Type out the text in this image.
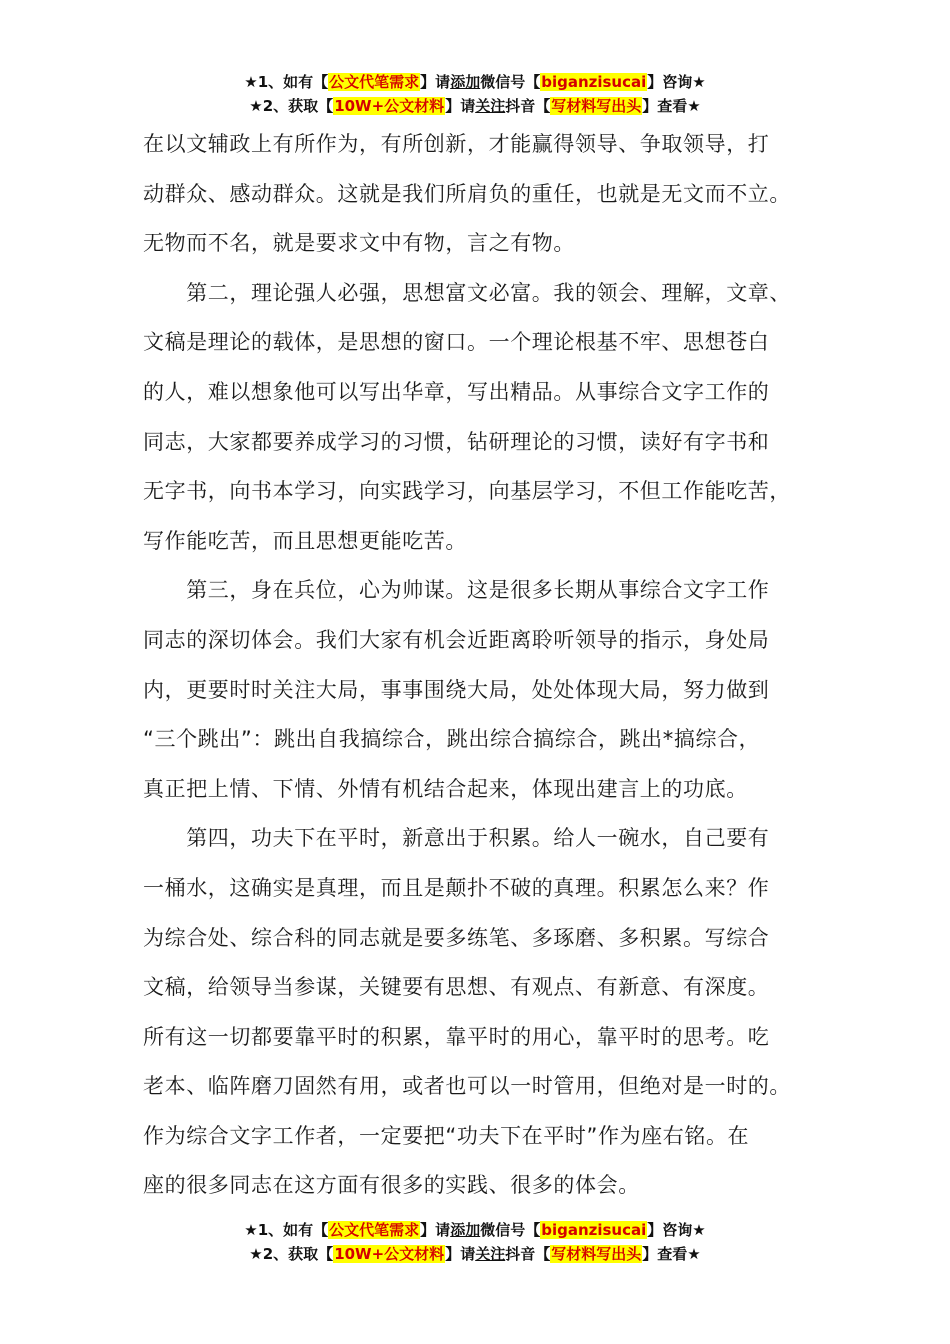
★1、如有【公文代笔需求】请添加微信号【biganzisucai】咨询★
★2、获取【10W+公文材料】请关注抖音【写材料写出头】查看★

在以文辅政上有所作为，有所创新，才能赢得领导、争取领导，打

动群众、感动群众。这就是我们所肩负的重任，也就是无文而不立。

无物而不名，就是要求文中有物，言之有物。

　　第二，理论强人必强，思想富文必富。我的领会、理解，文章、

文稿是理论的载体，是思想的窗口。一个理论根基不牢、思想苍白

的人，难以想象他可以写出华章，写出精品。从事综合文字工作的

同志，大家都要养成学习的习惯，钻研理论的习惯，读好有字书和

无字书，向书本学习，向实践学习，向基层学习，不但工作能吃苦，

写作能吃苦，而且思想更能吃苦。

　　第三，身在兵位，心为帅谋。这是很多长期从事综合文字工作

同志的深切体会。我们大家有机会近距离聆听领导的指示，身处局

内，更要时时关注大局，事事围绕大局，处处体现大局，努力做到

“三个跳出”：跳出自我搞综合，跳出综合搞综合，跳出*搞综合，

真正把上情、下情、外情有机结合起来，体现出建言上的功底。

　　第四，功夫下在平时，新意出于积累。给人一碗水，自己要有

一桶水，这确实是真理，而且是颠扑不破的真理。积累怎么来？作

为综合处、综合科的同志就是要多练笔、多琢磨、多积累。写综合

文稿，给领导当参谋，关键要有思想、有观点、有新意、有深度。

所有这一切都要靠平时的积累，靠平时的用心，靠平时的思考。吃

老本、临阵磨刀固然有用，或者也可以一时管用，但绝对是一时的。

作为综合文字工作者，一定要把“功夫下在平时”作为座右铭。在

座的很多同志在这方面有很多的实践、很多的体会。

★1、如有【公文代笔需求】请添加微信号【biganzisucai】咨询★
★2、获取【10W+公文材料】请关注抖音【写材料写出头】查看★
